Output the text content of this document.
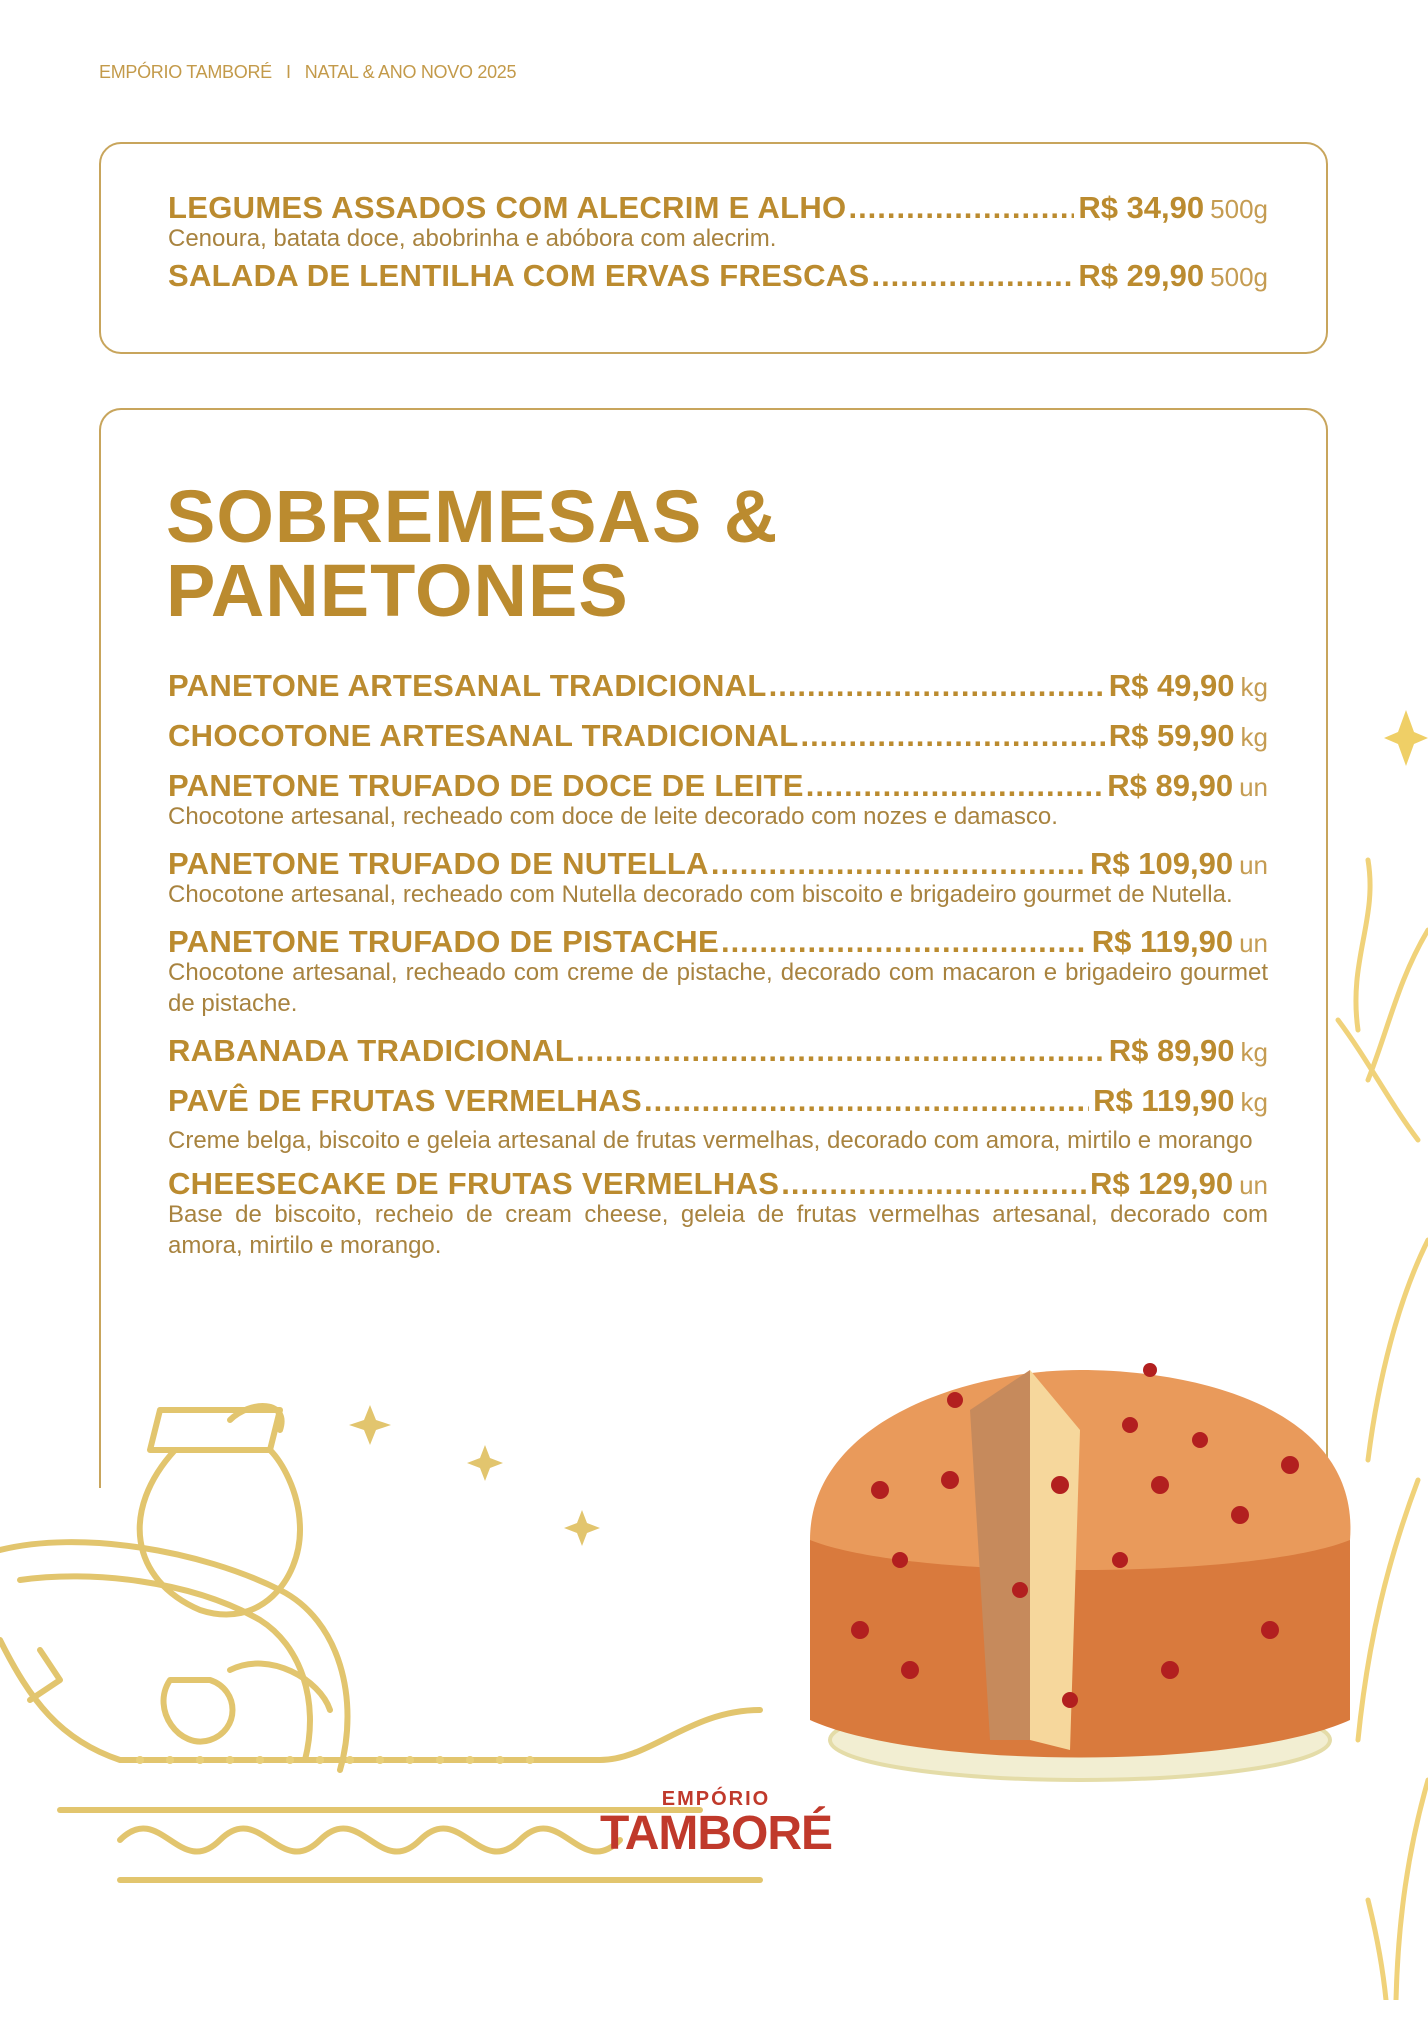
EMPÓRIO TAMBORÉ   I   NATAL & ANO NOVO 2025
LEGUMES ASSADOS COM ALECRIM E ALHO .....	R$ 34,90 500g
Cenoura, batata doce, abobrinha e abóbora com alecrim.
SALADA DE LENTILHA COM ERVAS FRESCAS .....	R$ 29,90 500g
SOBREMESAS &
PANETONES
PANETONE ARTESANAL TRADICIONAL .....	R$ 49,90 kg
CHOCOTONE ARTESANAL TRADICIONAL .....	R$ 59,90 kg
PANETONE TRUFADO DE DOCE DE LEITE .....	R$ 89,90 un
Chocotone artesanal, recheado com doce de leite decorado com nozes e damasco.
PANETONE TRUFADO DE NUTELLA .....	R$ 109,90 un
Chocotone artesanal, recheado com Nutella decorado com biscoito e brigadeiro gourmet de Nutella.
PANETONE TRUFADO DE PISTACHE .....	R$ 119,90 un
Chocotone artesanal, recheado com creme de pistache, decorado com macaron e brigadeiro gourmet de pistache.
RABANADA TRADICIONAL .....	R$ 89,90 kg
PAVÊ DE FRUTAS VERMELHAS .....	R$ 119,90 kg
Creme belga, biscoito e geleia artesanal de frutas vermelhas, decorado com amora, mirtilo e morango
CHEESECAKE DE FRUTAS VERMELHAS .....	R$ 129,90 un
Base de biscoito, recheio de cream cheese, geleia de frutas vermelhas artesanal, decorado com amora, mirtilo e morango.
EMPÓRIO
TAMBORÉ
